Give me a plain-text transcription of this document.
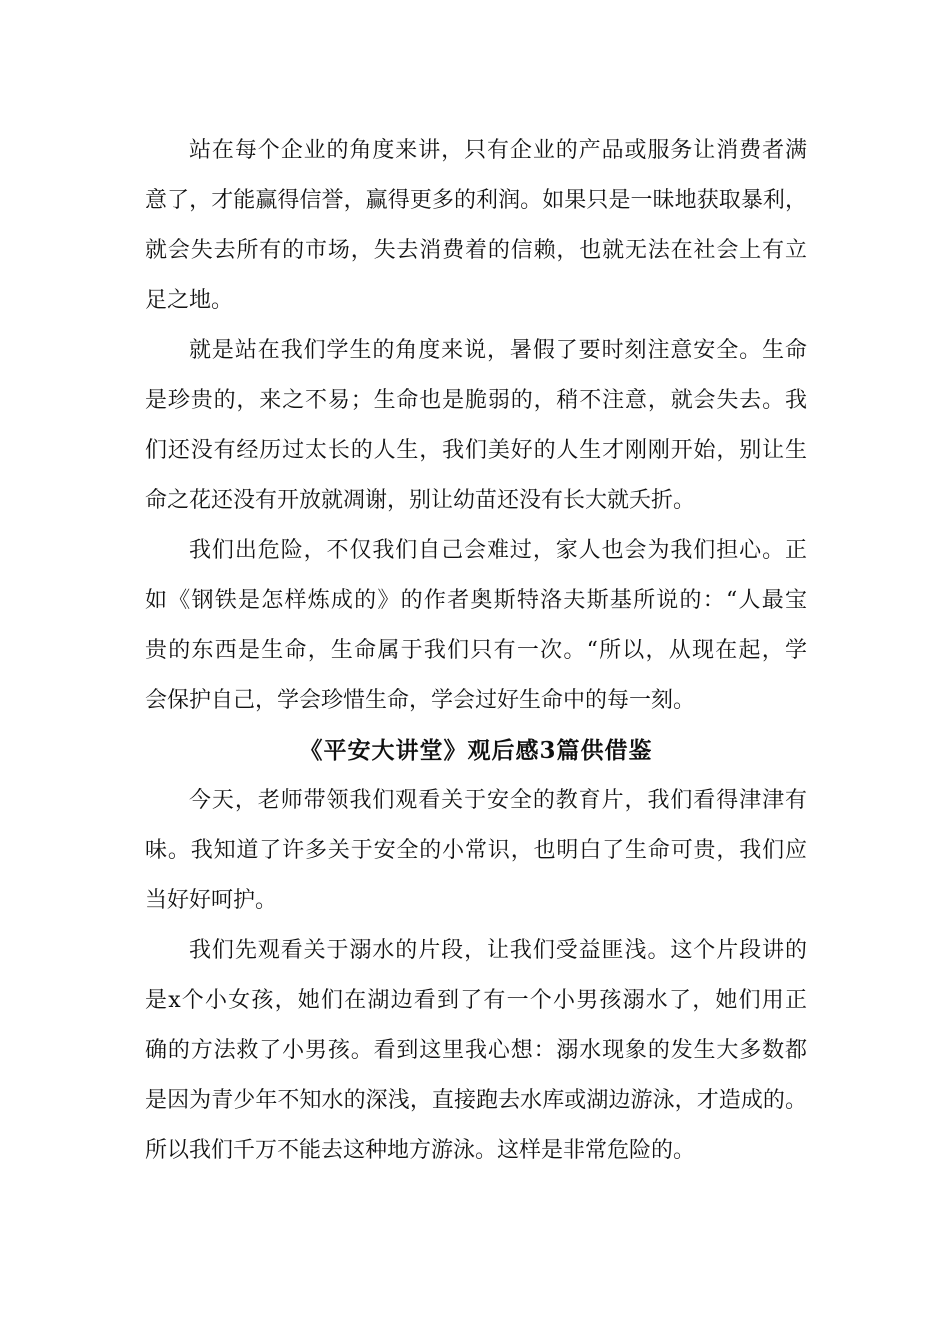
站在每个企业的角度来讲，只有企业的产品或服务让消费者满
意了，才能赢得信誉，赢得更多的利润。如果只是一昧地获取暴利，
就会失去所有的市场，失去消费着的信赖，也就无法在社会上有立
足之地。
就是站在我们学生的角度来说，暑假了要时刻注意安全。生命
是珍贵的，来之不易；生命也是脆弱的，稍不注意，就会失去。我
们还没有经历过太长的人生，我们美好的人生才刚刚开始，别让生
命之花还没有开放就凋谢，别让幼苗还没有长大就夭折。
我们出危险，不仅我们自己会难过，家人也会为我们担心。正
如《钢铁是怎样炼成的》的作者奥斯特洛夫斯基所说的：“人最宝
贵的东西是生命，生命属于我们只有一次。“所以，从现在起，学
会保护自己，学会珍惜生命，学会过好生命中的每一刻。
《平安大讲堂》观后感3篇供借鉴
今天，老师带领我们观看关于安全的教育片，我们看得津津有
味。我知道了许多关于安全的小常识，也明白了生命可贵，我们应
当好好呵护。
我们先观看关于溺水的片段，让我们受益匪浅。这个片段讲的
是x个小女孩，她们在湖边看到了有一个小男孩溺水了，她们用正
确的方法救了小男孩。看到这里我心想：溺水现象的发生大多数都
是因为青少年不知水的深浅，直接跑去水库或湖边游泳，才造成的。
所以我们千万不能去这种地方游泳。这样是非常危险的。
